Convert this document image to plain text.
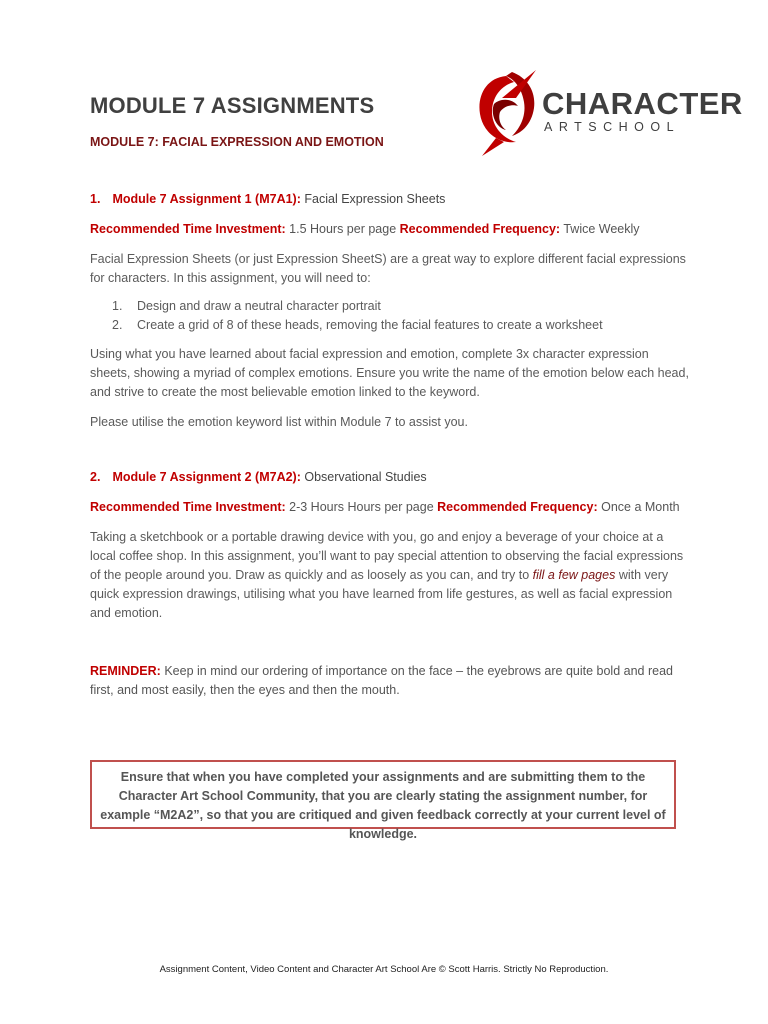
MODULE 7 ASSIGNMENTS
MODULE 7: FACIAL EXPRESSION AND EMOTION
CHARACTER
ARTSCHOOL
1. Module 7 Assignment 1 (M7A1): Facial Expression Sheets
Recommended Time Investment: 1.5 Hours per page Recommended Frequency: Twice Weekly

Facial Expression Sheets (or just Expression SheetS) are a great way to explore different facial expressions for characters. In this assignment, you will need to:

1.	Design and draw a neutral character portrait
2.	Create a grid of 8 of these heads, removing the facial features to create a worksheet

Using what you have learned about facial expression and emotion, complete 3x character expression sheets, showing a myriad of complex emotions. Ensure you write the name of the emotion below each head, and strive to create the most believable emotion linked to the keyword.

Please utilise the emotion keyword list within Module 7 to assist you.

2. Module 7 Assignment 2 (M7A2): Observational Studies
Recommended Time Investment: 2-3 Hours Hours per page Recommended Frequency: Once a Month

Taking a sketchbook or a portable drawing device with you, go and enjoy a beverage of your choice at a local coffee shop. In this assignment, you’ll want to pay special attention to observing the facial expressions of the people around you. Draw as quickly and as loosely as you can, and try to fill a few pages with very quick expression drawings, utilising what you have learned from life gestures, as well as facial expression and emotion.

REMINDER: Keep in mind our ordering of importance on the face – the eyebrows are quite bold and read first, and most easily, then the eyes and then the mouth.

Ensure that when you have completed your assignments and are submitting them to the Character Art School Community, that you are clearly stating the assignment number, for example “M2A2”, so that you are critiqued and given feedback correctly at your current level of knowledge.

Assignment Content, Video Content and Character Art School Are © Scott Harris. Strictly No Reproduction.
